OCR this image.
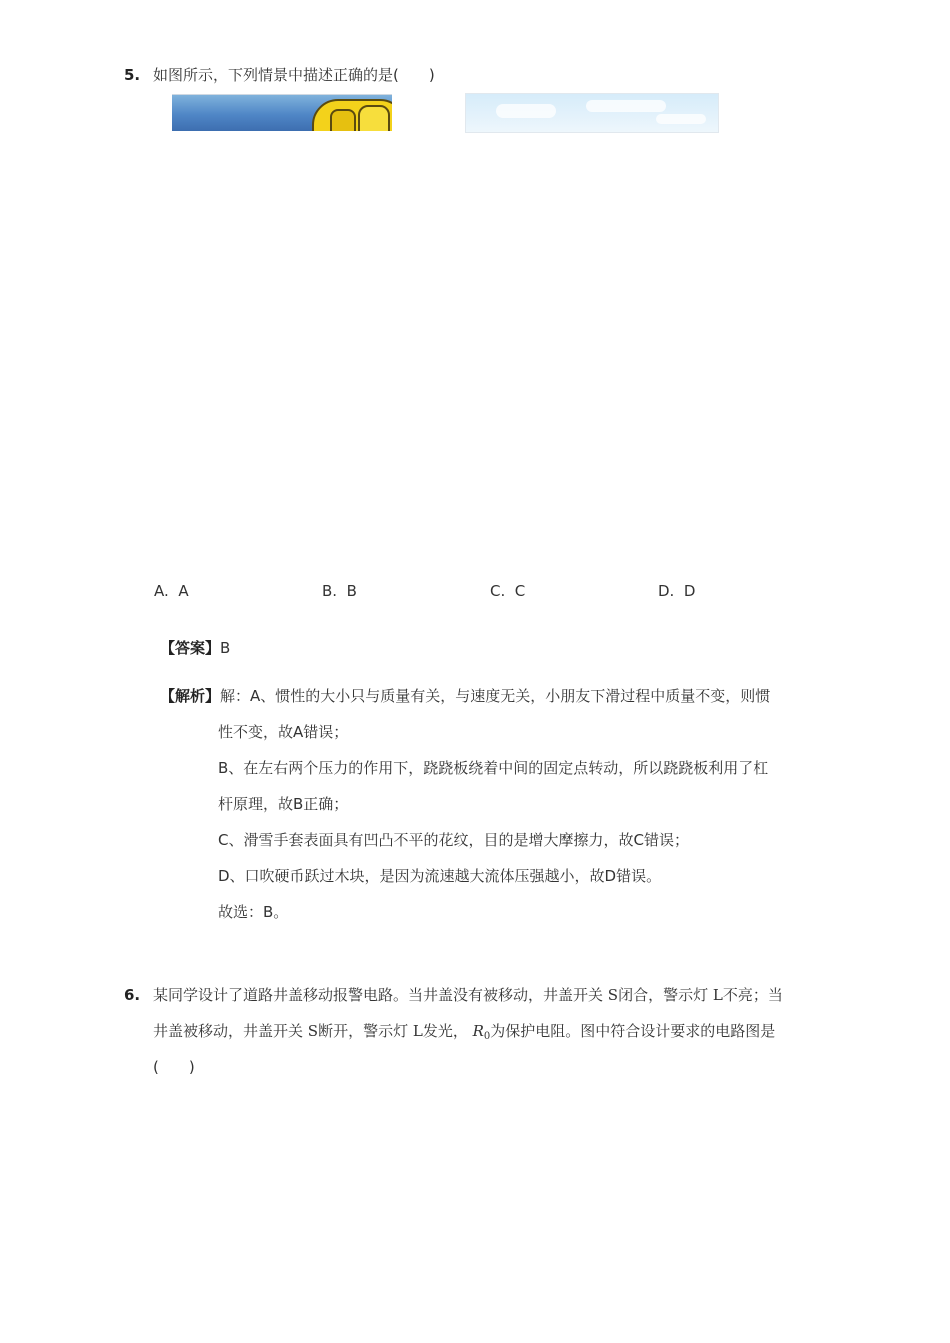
5. 如图所示，下列情景中描述正确的是(　　)
A. A	B. B	C. C	D. D
【答案】B
【解析】解：A、惯性的大小只与质量有关，与速度无关，小朋友下滑过程中质量不变，则惯
性不变，故A错误；
B、在左右两个压力的作用下，跷跷板绕着中间的固定点转动，所以跷跷板利用了杠
杆原理，故B正确；
C、滑雪手套表面具有凹凸不平的花纹，目的是增大摩擦力，故C错误；
D、口吹硬币跃过木块，是因为流速越大流体压强越小，故D错误。
故选：B。
6. 某同学设计了道路井盖移动报警电路。当井盖没有被移动，井盖开关 S闭合，警示灯 L不亮；当
井盖被移动，井盖开关 S断开，警示灯 L发光， $R_0$为保护电阻。图中符合设计要求的电路图是
(　　)
